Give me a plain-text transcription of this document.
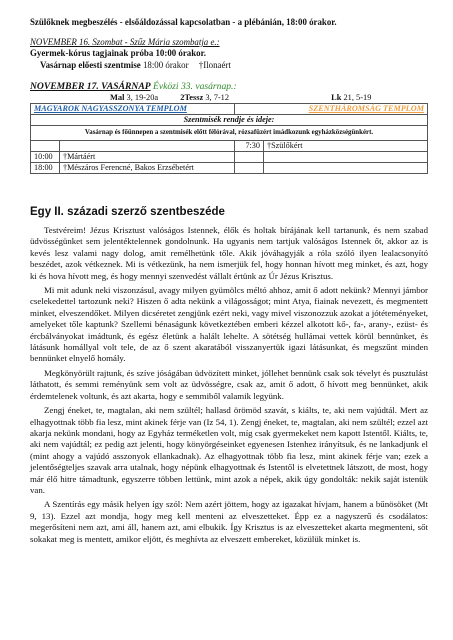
Szülőknek megbeszélés - elsőáldozással kapcsolatban - a plébánián, 18:00 órakor.
NOVEMBER 16. Szombat - Szűz Mária szombatja e.:
Gyermek-kórus tagjainak próba 10:00 órakor.
Vasárnap előesti szentmise 18:00 órakor †Ilonaért
NOVEMBER 17. VASÁRNAP Évközi 33. vasárnap.:
Mal 3, 19-20a	2Tessz 3, 7-12	Lk 21, 5-19
MAGYAROK NAGYASSZONYA TEMPLOM		SZENTHÁROMSÁG TEMPLOM	
Szentmisék rendje és ideje:			
Vasárnap és főünnepen a szentmisék előtt félórával, rózsafüzért imádkozunk egyházközségünkért.			
		7:30	†Szülőkért
10:00	†Mártáért		
18:00	†Mészáros Ferencné, Bakos Erzsébetért		
Egy II. századi szerző szentbeszéde

Testvéreim! Jézus Krisztust valóságos Istennek, élők és holtak bírájának kell tartanunk, és nem szabad üdvösségünket sem jelentéktelennek gondolnunk. Ha ugyanis nem tartjuk valóságos Istennek őt, akkor az is kevés lesz valami nagy dolog, amit remélhetünk tőle. Akik jóváhagyják a róla szóló ilyen lealacsonyító beszédet, azok vétkeznek. Mi is vétkezünk, ha nem ismerjük fel, hogy honnan hívott meg minket, és azt, hogy ki és hova hívott meg, és hogy mennyi szenvedést vállalt értünk az Úr Jézus Krisztus.

Mi mit adunk neki viszonzásul, avagy milyen gyümölcs méltó ahhoz, amit ő adott nekünk? Mennyi jámbor cselekedettel tartozunk neki? Hiszen ő adta nekünk a világosságot; mint Atya, fiainak nevezett, és megmentett minket, elveszendőket. Milyen dicséretet zengjünk ezért neki, vagy mivel viszonozzuk azokat a jótéteményeket, amelyeket tőle kaptunk? Szellemi bénaságunk következtében emberi kézzel alkotott kő-, fa-, arany-, ezüst- és ércbálványokat imádtunk, és egész életünk a halált lehelte. A sötétség hullámai vettek körül bennünket, és látásunk homállyal volt tele, de az ő szent akaratából visszanyertük igazi látásunkat, és megszűnt minden bennünket elnyelő homály.

Megkönyörült rajtunk, és szíve jóságában üdvözített minket, jóllehet bennünk csak sok tévelyt és pusztulást láthatott, és semmi reményünk sem volt az üdvösségre, csak az, amit ő adott, ő hívott meg bennünket, akik érdemtelenek voltunk, és azt akarta, hogy e semmiből valamik legyünk.

Zengj éneket, te, magtalan, aki nem szültél; hallasd örömöd szavát, s kiálts, te, aki nem vajúdtál. Mert az elhagyottnak több fia lesz, mint akinek férje van (Iz 54, 1). Zengj éneket, te, magtalan, aki nem szültél; ezzel azt akarja nekünk mondani, hogy az Egyház terméketlen volt, míg csak gyermekeket nem kapott Istentől. Kiálts, te, aki nem vajúdtál; ez pedig azt jelenti, hogy könyörgéseinket egyenesen Istenhez irányítsuk, és ne lankadjunk el (mint ahogy a vajúdó asszonyok ellankadnak). Az elhagyottnak több fia lesz, mint akinek férje van; ezek a jelentőségteljes szavak arra utalnak, hogy népünk elhagyottnak és Istentől is elvetettnek látszott, de most, hogy már élő hitre támadtunk, egyszerre többen lettünk, mint azok a népek, akik úgy gondolták: nekik saját istenük van.

A Szentírás egy másik helyen így szól: Nem azért jöttem, hogy az igazakat hívjam, hanem a bűnösöket (Mt 9, 13). Ezzel azt mondja, hogy meg kell menteni az elveszetteket. Épp ez a nagyszerű és csodálatos: megerősíteni nem azt, ami áll, hanem azt, ami elbukik. Így Krisztus is az elveszetteket akarta megmenteni, sőt sokakat meg is mentett, amikor eljött, és meghívta az elveszett embereket, közülük minket is.
